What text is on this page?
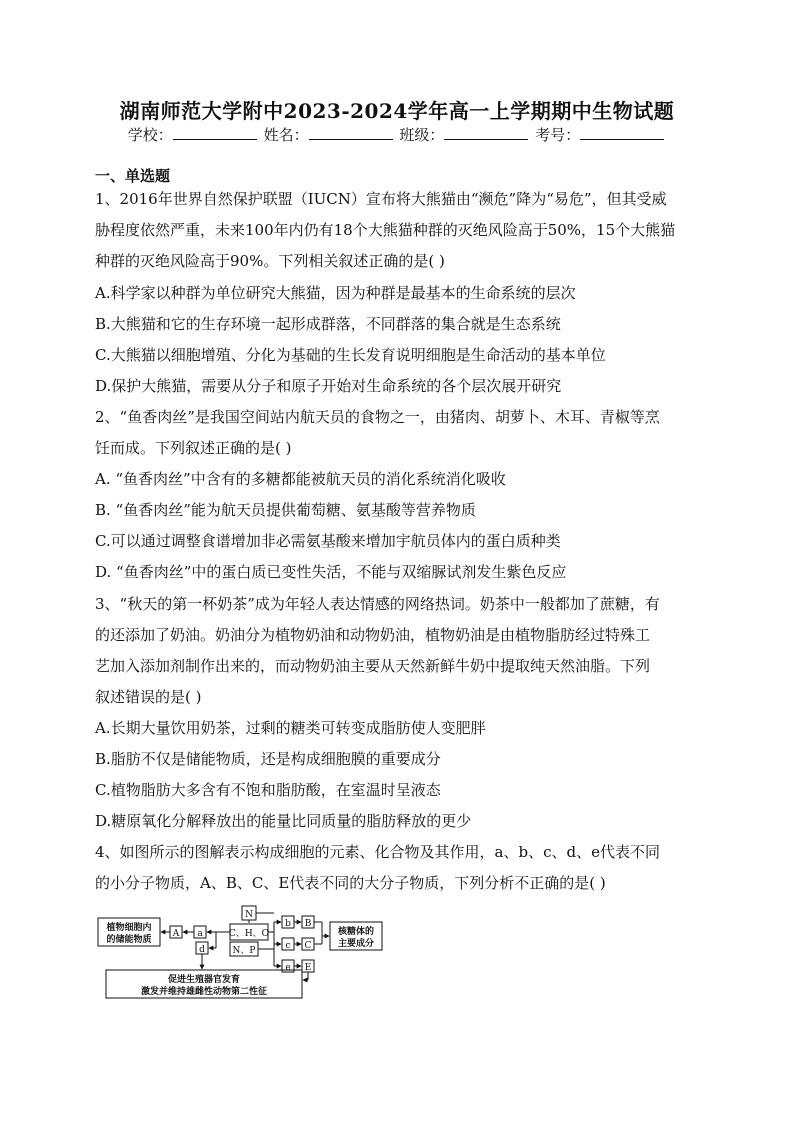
湖南师范大学附中2023-2024学年高一上学期期中生物试题
学校：	姓名：	班级：	考号：
一、单选题
1、2016年世界自然保护联盟（IUCN）宣布将大熊猫由“濒危”降为“易危”，但其受威
胁程度依然严重，未来100年内仍有18个大熊猫种群的灭绝风险高于50%，15个大熊猫
种群的灭绝风险高于90%。下列相关叙述正确的是( )
A.科学家以种群为单位研究大熊猫，因为种群是最基本的生命系统的层次
B.大熊猫和它的生存环境一起形成群落，不同群落的集合就是生态系统
C.大熊猫以细胞增殖、分化为基础的生长发育说明细胞是生命活动的基本单位
D.保护大熊猫，需要从分子和原子开始对生命系统的各个层次展开研究
2、“鱼香肉丝”是我国空间站内航天员的食物之一，由猪肉、胡萝卜、木耳、青椒等烹
饪而成。下列叙述正确的是( )
A. “鱼香肉丝”中含有的多糖都能被航天员的消化系统消化吸收
B. “鱼香肉丝”能为航天员提供葡萄糖、氨基酸等营养物质
C.可以通过调整食谱增加非必需氨基酸来增加宇航员体内的蛋白质种类
D. “鱼香肉丝”中的蛋白质已变性失活，不能与双缩脲试剂发生紫色反应
3、“秋天的第一杯奶茶”成为年轻人表达情感的网络热词。奶茶中一般都加了蔗糖，有
的还添加了奶油。奶油分为植物奶油和动物奶油，植物奶油是由植物脂肪经过特殊工
艺加入添加剂制作出来的，而动物奶油主要从天然新鲜牛奶中提取纯天然油脂。下列
叙述错误的是( )
A.长期大量饮用奶茶，过剩的糖类可转变成脂肪使人变肥胖
B.脂肪不仅是储能物质，还是构成细胞膜的重要成分
C.植物脂肪大多含有不饱和脂肪酸，在室温时呈液态
D.糖原氧化分解释放出的能量比同质量的脂肪释放的更少
4、如图所示的图解表示构成细胞的元素、化合物及其作用，a、b、c、d、e代表不同
的小分子物质，A、B、C、E代表不同的大分子物质，下列分析不正确的是( )
植物细胞内
的储能物质
A a	C、H、O
N
N、P
d
b B
c C
e E
核糖体的
主要成分
促进生殖器官发育
激发并维持雄雌性动物第二性征
